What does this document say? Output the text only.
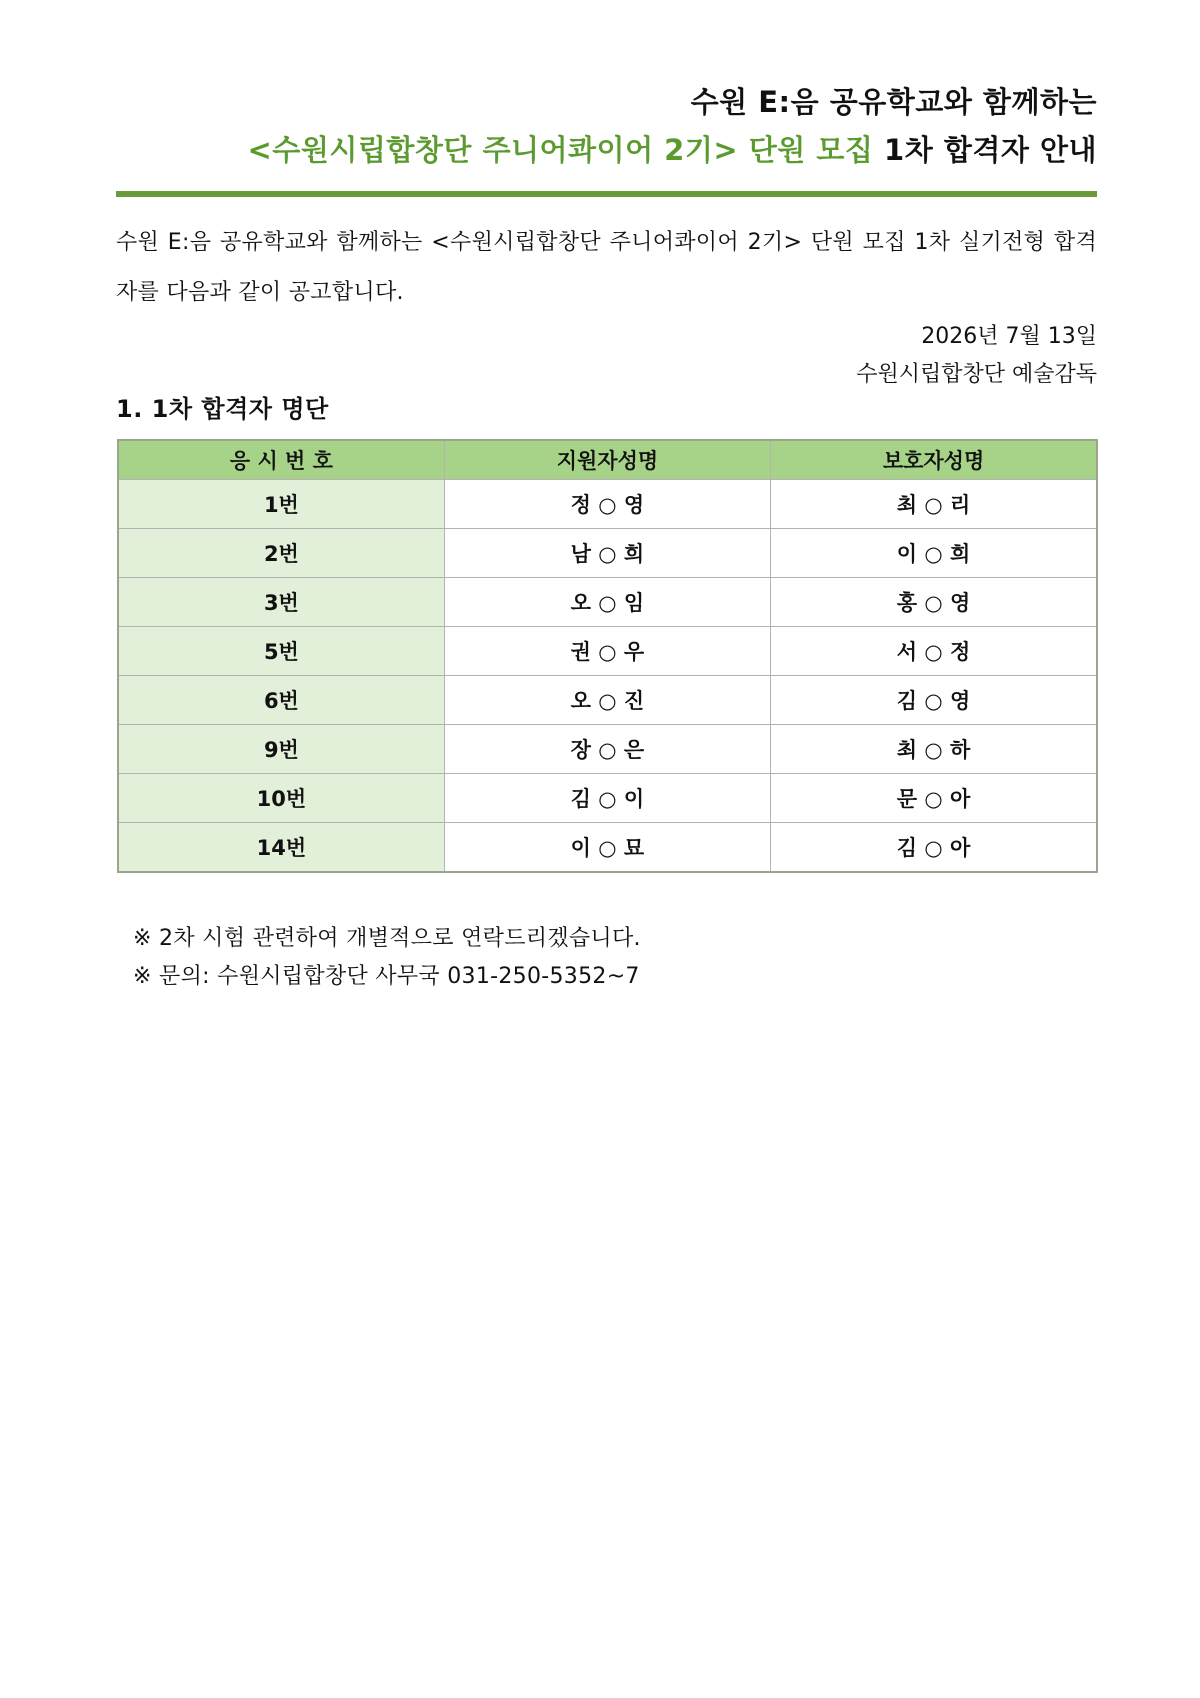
수원 E:음 공유학교와 함께하는
<수원시립합창단 주니어콰이어 2기> 단원 모집 1차 합격자 안내
수원 E:음 공유학교와 함께하는 <수원시립합창단 주니어콰이어 2기> 단원 모집 1차 실기전형 합격자를 다음과 같이 공고합니다.
2026년 7월 13일
수원시립합창단 예술감독
1. 1차 합격자 명단
응 시 번 호	지원자성명	보호자성명
1번	정 ○ 영	최 ○ 리
2번	남 ○ 희	이 ○ 희
3번	오 ○ 임	홍 ○ 영
5번	권 ○ 우	서 ○ 정
6번	오 ○ 진	김 ○ 영
9번	장 ○ 은	최 ○ 하
10번	김 ○ 이	문 ○ 아
14번	이 ○ 묘	김 ○ 아
※ 2차 시험 관련하여 개별적으로 연락드리겠습니다.
※ 문의: 수원시립합창단 사무국 031-250-5352~7
